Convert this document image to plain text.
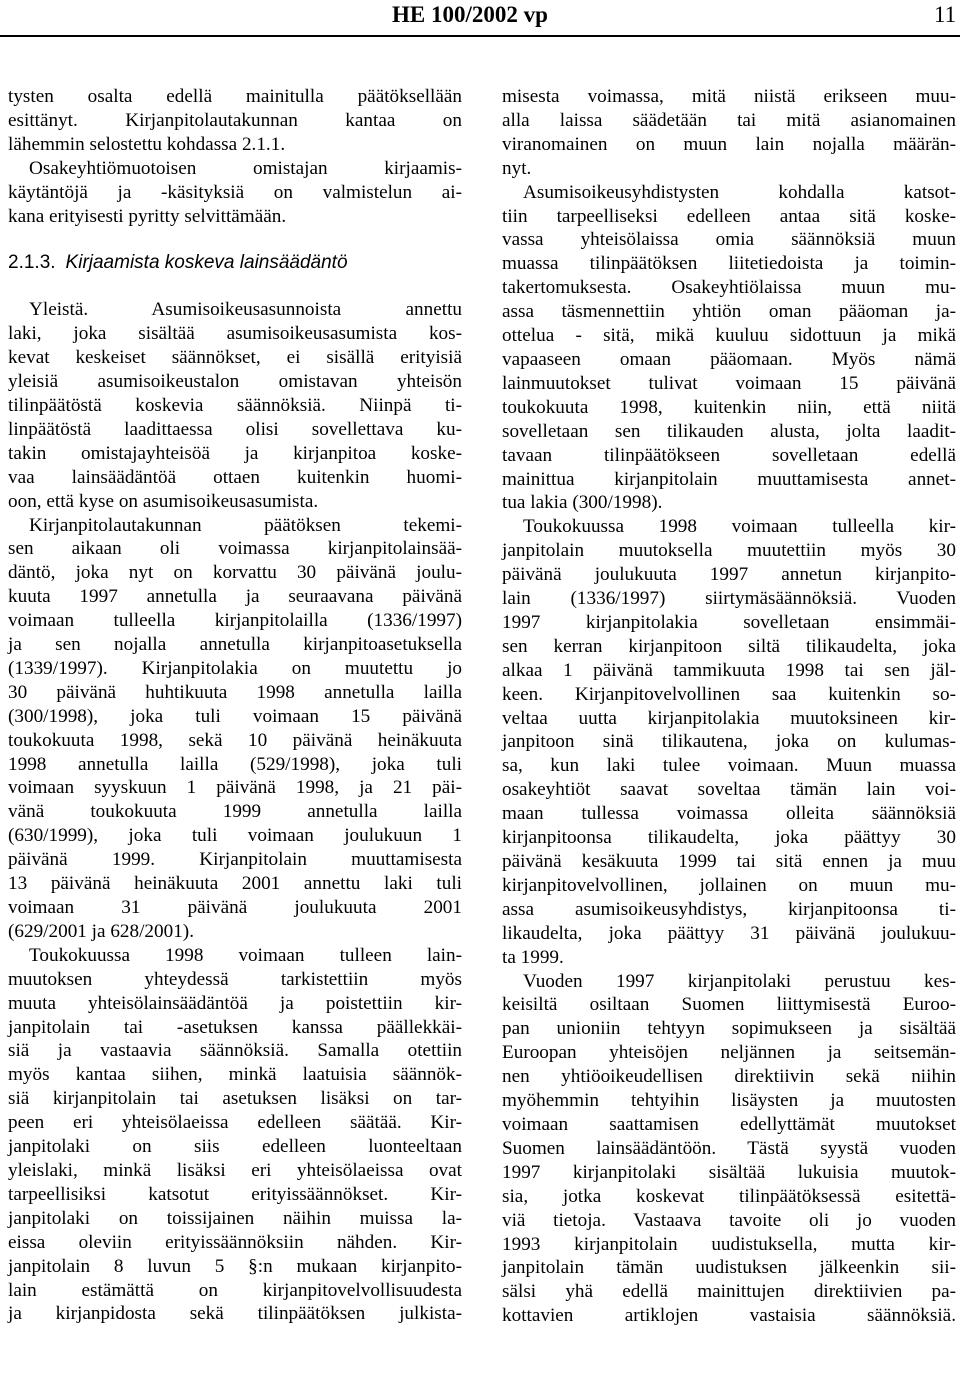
HE 100/2002 vp	11
tysten osalta edellä mainitulla päätöksellään
esittänyt. Kirjanpitolautakunnan kantaa on
lähemmin selostettu kohdassa 2.1.1.
Osakeyhtiömuotoisen omistajan kirjaamis-
käytäntöjä ja -käsityksiä on valmistelun ai-
kana erityisesti pyritty selvittämään.
2.1.3. Kirjaamista koskeva lainsäädäntö
Yleistä. Asumisoikeusasunnoista annettu
laki, joka sisältää asumisoikeusasumista kos-
kevat keskeiset säännökset, ei sisällä erityisiä
yleisiä asumisoikeustalon omistavan yhteisön
tilinpäätöstä koskevia säännöksiä. Niinpä ti-
linpäätöstä laadittaessa olisi sovellettava ku-
takin omistajayhteisöä ja kirjanpitoa koske-
vaa lainsäädäntöä ottaen kuitenkin huomi-
oon, että kyse on asumisoikeusasumista.
Kirjanpitolautakunnan päätöksen tekemi-
sen aikaan oli voimassa kirjanpitolainsää-
däntö, joka nyt on korvattu 30 päivänä joulu-
kuuta 1997 annetulla ja seuraavana päivänä
voimaan tulleella kirjanpitolailla (1336/1997)
ja sen nojalla annetulla kirjanpitoasetuksella
(1339/1997). Kirjanpitolakia on muutettu jo
30 päivänä huhtikuuta 1998 annetulla lailla
(300/1998), joka tuli voimaan 15 päivänä
toukokuuta 1998, sekä 10 päivänä heinäkuuta
1998 annetulla lailla (529/1998), joka tuli
voimaan syyskuun 1 päivänä 1998, ja 21 päi-
vänä toukokuuta 1999 annetulla lailla
(630/1999), joka tuli voimaan joulukuun 1
päivänä 1999. Kirjanpitolain muuttamisesta
13 päivänä heinäkuuta 2001 annettu laki tuli
voimaan 31 päivänä joulukuuta 2001
(629/2001 ja 628/2001).
Toukokuussa 1998 voimaan tulleen lain-
muutoksen yhteydessä tarkistettiin myös
muuta yhteisölainsäädäntöä ja poistettiin kir-
janpitolain tai -asetuksen kanssa päällekkäi-
siä ja vastaavia säännöksiä. Samalla otettiin
myös kantaa siihen, minkä laatuisia säännök-
siä kirjanpitolain tai asetuksen lisäksi on tar-
peen eri yhteisölaeissa edelleen säätää. Kir-
janpitolaki on siis edelleen luonteeltaan
yleislaki, minkä lisäksi eri yhteisölaeissa ovat
tarpeellisiksi katsotut erityissäännökset. Kir-
janpitolaki on toissijainen näihin muissa la-
eissa oleviin erityissäännöksiin nähden. Kir-
janpitolain 8 luvun 5 §:n mukaan kirjanpito-
lain estämättä on kirjanpitovelvollisuudesta
ja kirjanpidosta sekä tilinpäätöksen julkista-
misesta voimassa, mitä niistä erikseen muu-
alla laissa säädetään tai mitä asianomainen
viranomainen on muun lain nojalla määrän-
nyt.
Asumisoikeusyhdistysten kohdalla katsot-
tiin tarpeelliseksi edelleen antaa sitä koske-
vassa yhteisölaissa omia säännöksiä muun
muassa tilinpäätöksen liitetiedoista ja toimin-
takertomuksesta. Osakeyhtiölaissa muun mu-
assa täsmennettiin yhtiön oman pääoman ja-
ottelua - sitä, mikä kuuluu sidottuun ja mikä
vapaaseen omaan pääomaan. Myös nämä
lainmuutokset tulivat voimaan 15 päivänä
toukokuuta 1998, kuitenkin niin, että niitä
sovelletaan sen tilikauden alusta, jolta laadit-
tavaan tilinpäätökseen sovelletaan edellä
mainittua kirjanpitolain muuttamisesta annet-
tua lakia (300/1998).
Toukokuussa 1998 voimaan tulleella kir-
janpitolain muutoksella muutettiin myös 30
päivänä joulukuuta 1997 annetun kirjanpito-
lain (1336/1997) siirtymäsäännöksiä. Vuoden
1997 kirjanpitolakia sovelletaan ensimmäi-
sen kerran kirjanpitoon siltä tilikaudelta, joka
alkaa 1 päivänä tammikuuta 1998 tai sen jäl-
keen. Kirjanpitovelvollinen saa kuitenkin so-
veltaa uutta kirjanpitolakia muutoksineen kir-
janpitoon sinä tilikautena, joka on kulumas-
sa, kun laki tulee voimaan. Muun muassa
osakeyhtiöt saavat soveltaa tämän lain voi-
maan tullessa voimassa olleita säännöksiä
kirjanpitoonsa tilikaudelta, joka päättyy 30
päivänä kesäkuuta 1999 tai sitä ennen ja muu
kirjanpitovelvollinen, jollainen on muun mu-
assa asumisoikeusyhdistys, kirjanpitoonsa ti-
likaudelta, joka päättyy 31 päivänä joulukuu-
ta 1999.
Vuoden 1997 kirjanpitolaki perustuu kes-
keisiltä osiltaan Suomen liittymisestä Euroo-
pan unioniin tehtyyn sopimukseen ja sisältää
Euroopan yhteisöjen neljännen ja seitsemän-
nen yhtiöoikeudellisen direktiivin sekä niihin
myöhemmin tehtyihin lisäysten ja muutosten
voimaan saattamisen edellyttämät muutokset
Suomen lainsäädäntöön. Tästä syystä vuoden
1997 kirjanpitolaki sisältää lukuisia muutok-
sia, jotka koskevat tilinpäätöksessä esitettä-
viä tietoja. Vastaava tavoite oli jo vuoden
1993 kirjanpitolain uudistuksella, mutta kir-
janpitolain tämän uudistuksen jälkeenkin sii-
sälsi yhä edellä mainittujen direktiivien pa-
kottavien artiklojen vastaisia säännöksiä.
